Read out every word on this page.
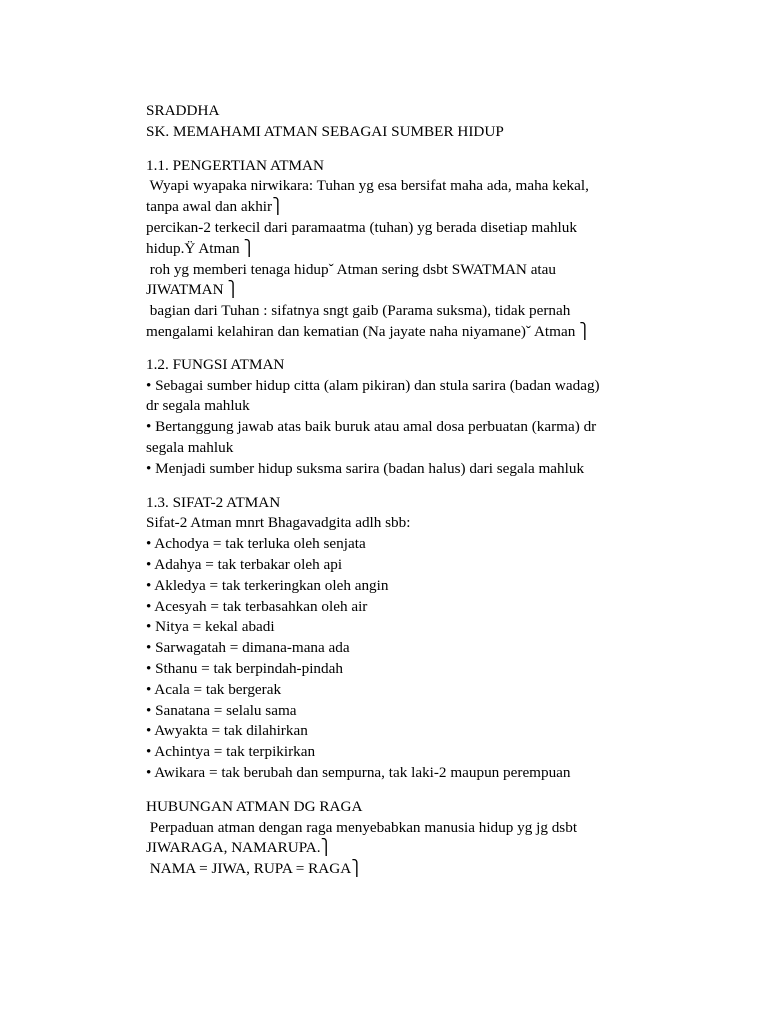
SRADDHA
SK. MEMAHAMI ATMAN SEBAGAI SUMBER HIDUP
1.1. PENGERTIAN ATMAN
Wyapi wyapaka nirwikara: Tuhan yg esa bersifat maha ada, maha kekal,
tanpa awal dan akhir⎫
percikan-2 terkecil dari paramaatma (tuhan) yg berada disetiap mahluk
hidup.Ÿ Atman ⎫
roh yg memberi tenaga hidupˇ Atman sering dsbt SWATMAN atau
JIWATMAN ⎫
bagian dari Tuhan : sifatnya sngt gaib (Parama suksma), tidak pernah
mengalami kelahiran dan kematian (Na jayate naha niyamane)ˇ Atman ⎫
1.2. FUNGSI ATMAN
• Sebagai sumber hidup citta (alam pikiran) dan stula sarira (badan wadag)
dr segala mahluk
• Bertanggung jawab atas baik buruk atau amal dosa perbuatan (karma) dr
segala mahluk
• Menjadi sumber hidup suksma sarira (badan halus) dari segala mahluk
1.3. SIFAT-2 ATMAN
Sifat-2 Atman mnrt Bhagavadgita adlh sbb:
• Achodya = tak terluka oleh senjata
• Adahya = tak terbakar oleh api
• Akledya = tak terkeringkan oleh angin
• Acesyah = tak terbasahkan oleh air
• Nitya = kekal abadi
• Sarwagatah = dimana-mana ada
• Sthanu = tak berpindah-pindah
• Acala = tak bergerak
• Sanatana = selalu sama
• Awyakta = tak dilahirkan
• Achintya = tak terpikirkan
• Awikara = tak berubah dan sempurna, tak laki-2 maupun perempuan
HUBUNGAN ATMAN DG RAGA
Perpaduan atman dengan raga menyebabkan manusia hidup yg jg dsbt
JIWARAGA, NAMARUPA.⎫
NAMA = JIWA, RUPA = RAGA⎫
